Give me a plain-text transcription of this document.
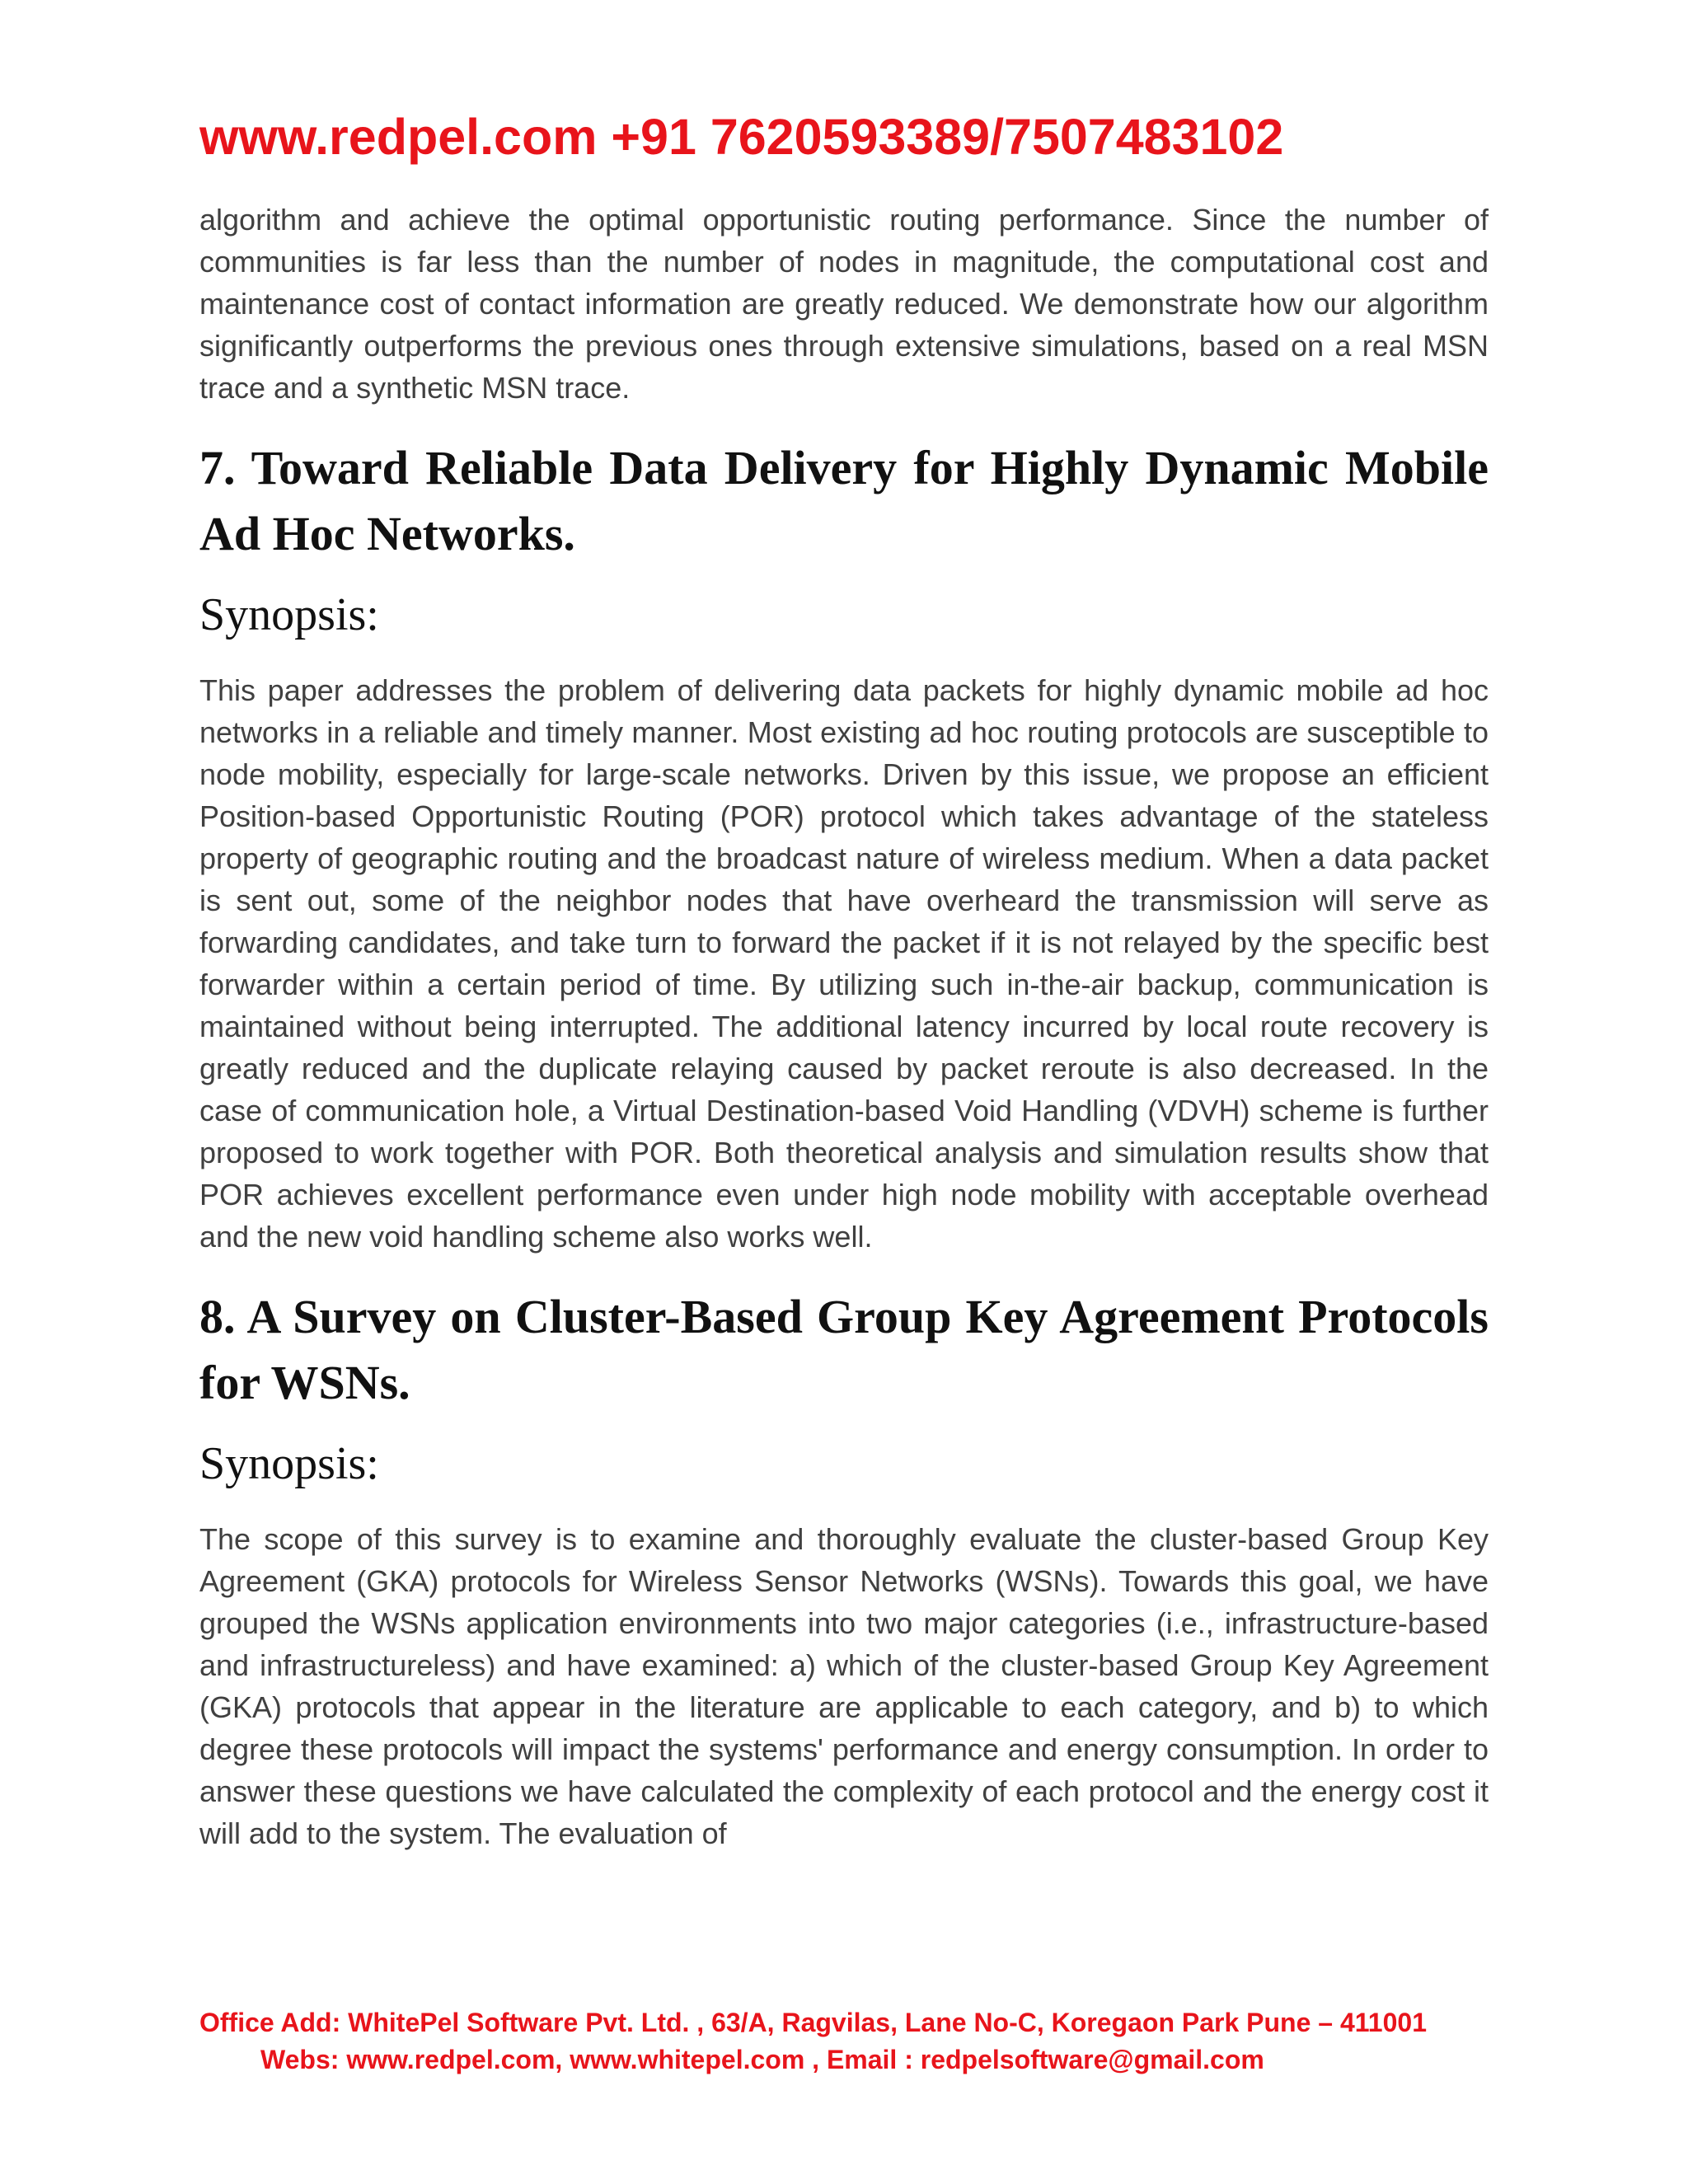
www.redpel.com +91 7620593389/7507483102

algorithm and achieve the optimal opportunistic routing performance. Since the number of communities is far less than the number of nodes in magnitude, the computational cost and maintenance cost of contact information are greatly reduced. We demonstrate how our algorithm significantly outperforms the previous ones through extensive simulations, based on a real MSN trace and a synthetic MSN trace.

7. Toward Reliable Data Delivery for Highly Dynamic Mobile Ad Hoc Networks.
Synopsis:

This paper addresses the problem of delivering data packets for highly dynamic mobile ad hoc networks in a reliable and timely manner. Most existing ad hoc routing protocols are susceptible to node mobility, especially for large-scale networks. Driven by this issue, we propose an efficient Position-based Opportunistic Routing (POR) protocol which takes advantage of the stateless property of geographic routing and the broadcast nature of wireless medium. When a data packet is sent out, some of the neighbor nodes that have overheard the transmission will serve as forwarding candidates, and take turn to forward the packet if it is not relayed by the specific best forwarder within a certain period of time. By utilizing such in-the-air backup, communication is maintained without being interrupted. The additional latency incurred by local route recovery is greatly reduced and the duplicate relaying caused by packet reroute is also decreased. In the case of communication hole, a Virtual Destination-based Void Handling (VDVH) scheme is further proposed to work together with POR. Both theoretical analysis and simulation results show that POR achieves excellent performance even under high node mobility with acceptable overhead and the new void handling scheme also works well.

8. A Survey on Cluster-Based Group Key Agreement Protocols for WSNs.
Synopsis:

The scope of this survey is to examine and thoroughly evaluate the cluster-based Group Key Agreement (GKA) protocols for Wireless Sensor Networks (WSNs). Towards this goal, we have grouped the WSNs application environments into two major categories (i.e., infrastructure-based and infrastructureless) and have examined: a) which of the cluster-based Group Key Agreement (GKA) protocols that appear in the literature are applicable to each category, and b) to which degree these protocols will impact the systems' performance and energy consumption. In order to answer these questions we have calculated the complexity of each protocol and the energy cost it will add to the system. The evaluation of

Office Add: WhitePel Software Pvt. Ltd. , 63/A, Ragvilas, Lane No-C, Koregaon Park Pune – 411001
Webs: www.redpel.com, www.whitepel.com , Email : redpelsoftware@gmail.com
